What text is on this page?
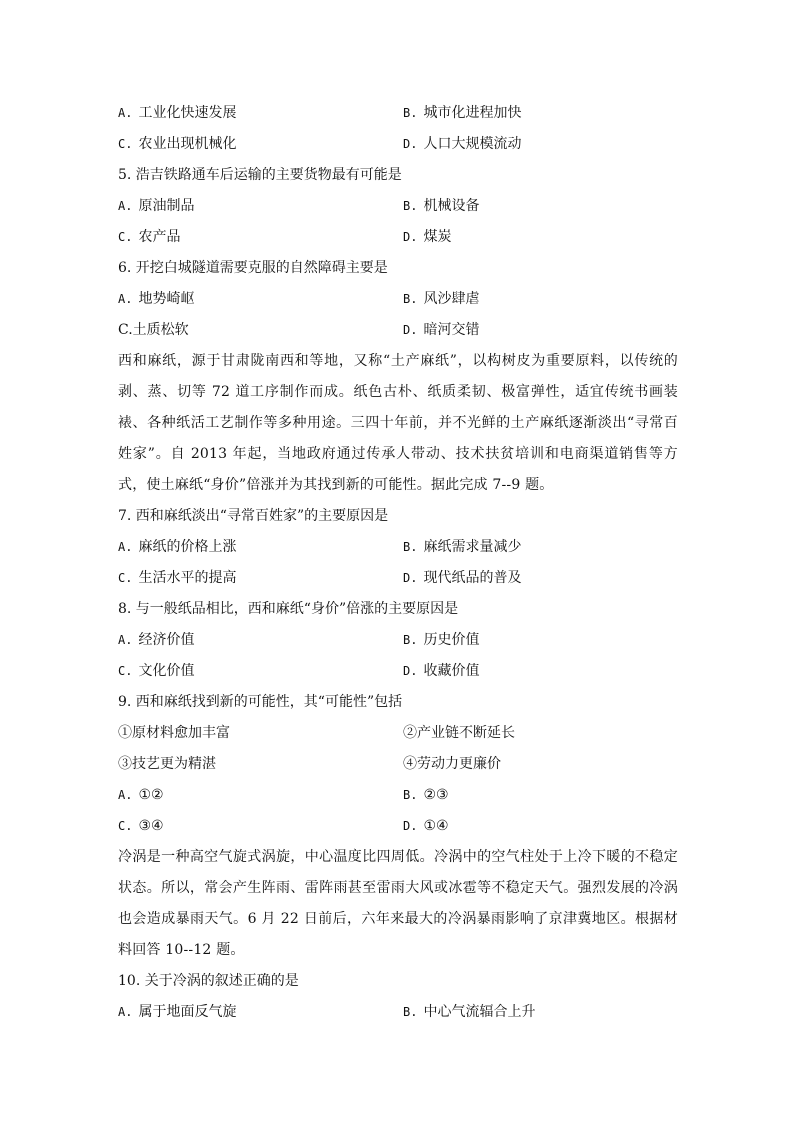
A. 工业化快速发展	B. 城市化进程加快
C. 农业出现机械化	D. 人口大规模流动
5. 浩吉铁路通车后运输的主要货物最有可能是
A. 原油制品	B. 机械设备
C. 农产品	D. 煤炭
6. 开挖白城隧道需要克服的自然障碍主要是
A. 地势崎岖	B. 风沙肆虐
C.土质松软	D. 暗河交错
西和麻纸，源于甘肃陇南西和等地，又称“土产麻纸”，以构树皮为重要原料，以传统的剥、蒸、切等 72 道工序制作而成。纸色古朴、纸质柔韧、极富弹性，适宜传统书画装裱、各种纸活工艺制作等多种用途。三四十年前，并不光鲜的土产麻纸逐渐淡出“寻常百姓家”。自 2013 年起，当地政府通过传承人带动、技术扶贫培训和电商渠道销售等方式，使土麻纸“身价”倍涨并为其找到新的可能性。据此完成 7--9 题。
7. 西和麻纸淡出“寻常百姓家”的主要原因是
A. 麻纸的价格上涨	B. 麻纸需求量减少
C. 生活水平的提高	D. 现代纸品的普及
8. 与一般纸品相比，西和麻纸“身价”倍涨的主要原因是
A. 经济价值	B. 历史价值
C. 文化价值	D. 收藏价值
9. 西和麻纸找到新的可能性，其“可能性”包括
①原材料愈加丰富	②产业链不断延长
③技艺更为精湛	④劳动力更廉价
A. ①②	B. ②③
C. ③④	D. ①④
冷涡是一种高空气旋式涡旋，中心温度比四周低。冷涡中的空气柱处于上冷下暖的不稳定状态。所以，常会产生阵雨、雷阵雨甚至雷雨大风或冰雹等不稳定天气。强烈发展的冷涡也会造成暴雨天气。6 月 22 日前后，六年来最大的冷涡暴雨影响了京津冀地区。根据材料回答 10--12 题。
10. 关于冷涡的叙述正确的是
A. 属于地面反气旋	B. 中心气流辐合上升
